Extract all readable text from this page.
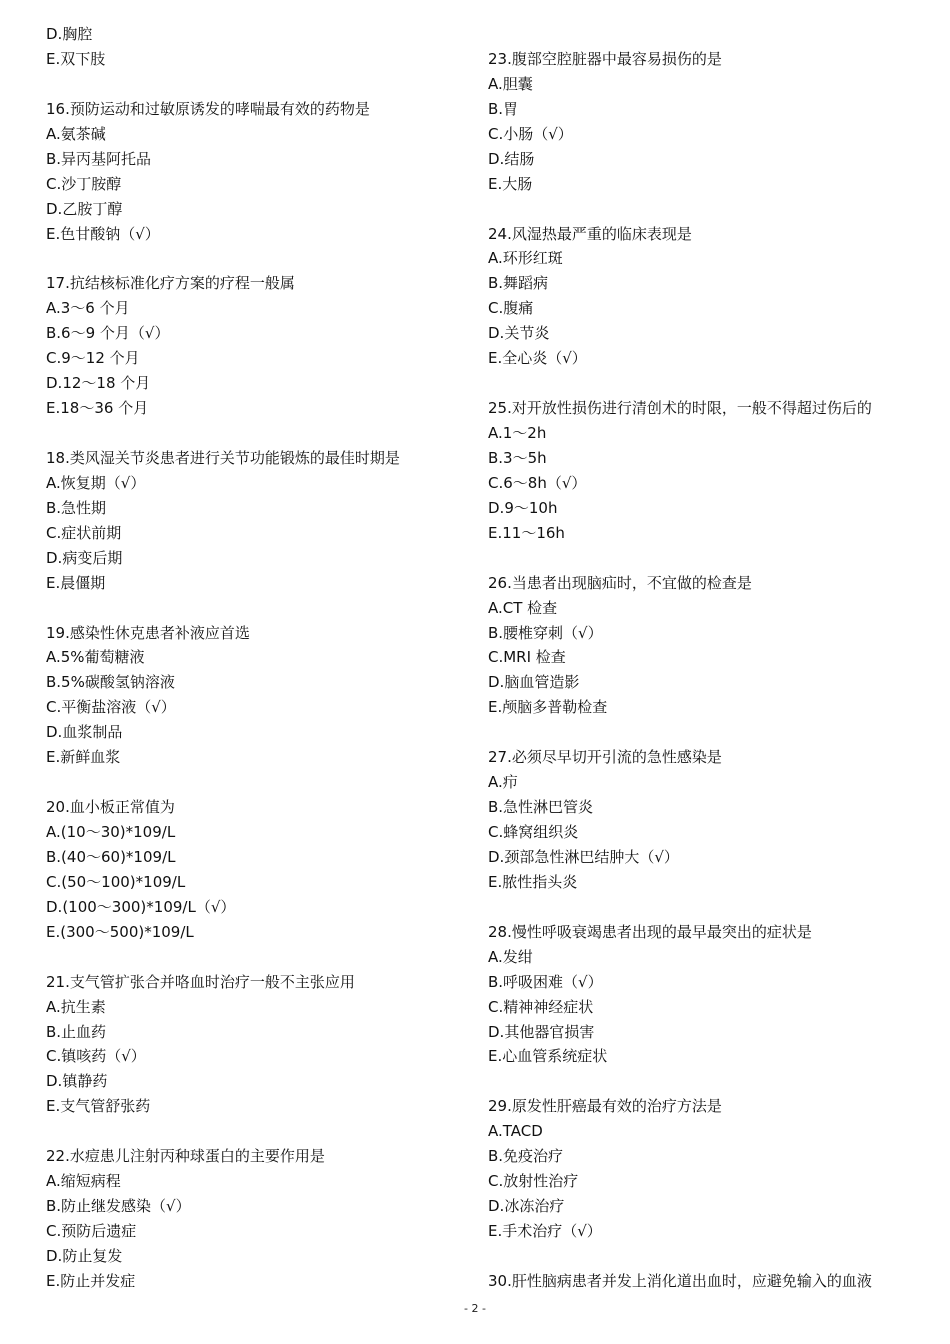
D.胸腔
E.双下肢
16.预防运动和过敏原诱发的哮喘最有效的药物是
A.氨茶碱
B.异丙基阿托品
C.沙丁胺醇
D.乙胺丁醇
E.色甘酸钠（√）
17.抗结核标准化疗方案的疗程一般属
A.3～6 个月
B.6～9 个月（√）
C.9～12 个月
D.12～18 个月
E.18～36 个月
18.类风湿关节炎患者进行关节功能锻炼的最佳时期是
A.恢复期（√）
B.急性期
C.症状前期
D.病变后期
E.晨僵期
19.感染性休克患者补液应首选
A.5%葡萄糖液
B.5%碳酸氢钠溶液
C.平衡盐溶液（√）
D.血浆制品
E.新鲜血浆
20.血小板正常值为
A.(10～30)*109/L
B.(40～60)*109/L
C.(50～100)*109/L
D.(100～300)*109/L（√）
E.(300～500)*109/L
21.支气管扩张合并咯血时治疗一般不主张应用
A.抗生素
B.止血药
C.镇咳药（√）
D.镇静药
E.支气管舒张药
22.水痘患儿注射丙种球蛋白的主要作用是
A.缩短病程
B.防止继发感染（√）
C.预防后遗症
D.防止复发
E.防止并发症
23.腹部空腔脏器中最容易损伤的是
A.胆囊
B.胃
C.小肠（√）
D.结肠
E.大肠
24.风湿热最严重的临床表现是
A.环形红斑
B.舞蹈病
C.腹痛
D.关节炎
E.全心炎（√）
25.对开放性损伤进行清创术的时限，一般不得超过伤后的
A.1～2h
B.3～5h
C.6～8h（√）
D.9～10h
E.11～16h
26.当患者出现脑疝时，不宜做的检查是
A.CT 检查
B.腰椎穿刺（√）
C.MRI 检查
D.脑血管造影
E.颅脑多普勒检查
27.必须尽早切开引流的急性感染是
A.疖
B.急性淋巴管炎
C.蜂窝组织炎
D.颈部急性淋巴结肿大（√）
E.脓性指头炎
28.慢性呼吸衰竭患者出现的最早最突出的症状是
A.发绀
B.呼吸困难（√）
C.精神神经症状
D.其他器官损害
E.心血管系统症状
29.原发性肝癌最有效的治疗方法是
A.TACD
B.免疫治疗
C.放射性治疗
D.冰冻治疗
E.手术治疗（√）
30.肝性脑病患者并发上消化道出血时，应避免输入的血液
- 2 -
